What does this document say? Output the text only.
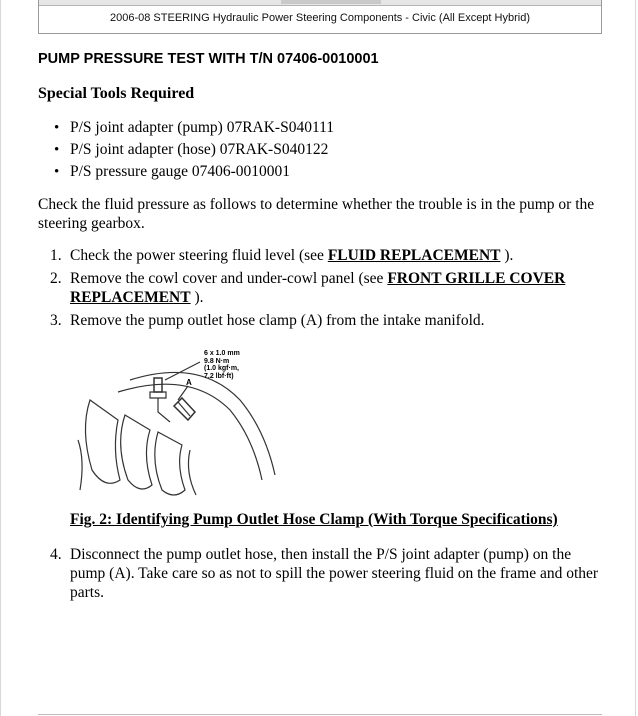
2006-08 STEERING Hydraulic Power Steering Components - Civic (All Except Hybrid)
PUMP PRESSURE TEST WITH T/N 07406-0010001
Special Tools Required
• P/S joint adapter (pump) 07RAK-S040111
• P/S joint adapter (hose) 07RAK-S040122
• P/S pressure gauge 07406-0010001

Check the fluid pressure as follows to determine whether the trouble is in the pump or the steering gearbox.

1. Check the power steering fluid level (see FLUID REPLACEMENT ).
2. Remove the cowl cover and under-cowl panel (see FRONT GRILLE COVER REPLACEMENT ).
3. Remove the pump outlet hose clamp (A) from the intake manifold.
6 x 1.0 mm
9.8 N·m
(1.0 kgf·m,
7.2 lbf·ft)
A

Fig. 2: Identifying Pump Outlet Hose Clamp (With Torque Specifications)

4. Disconnect the pump outlet hose, then install the P/S joint adapter (pump) on the pump (A). Take care so as not to spill the power steering fluid on the frame and other parts.
